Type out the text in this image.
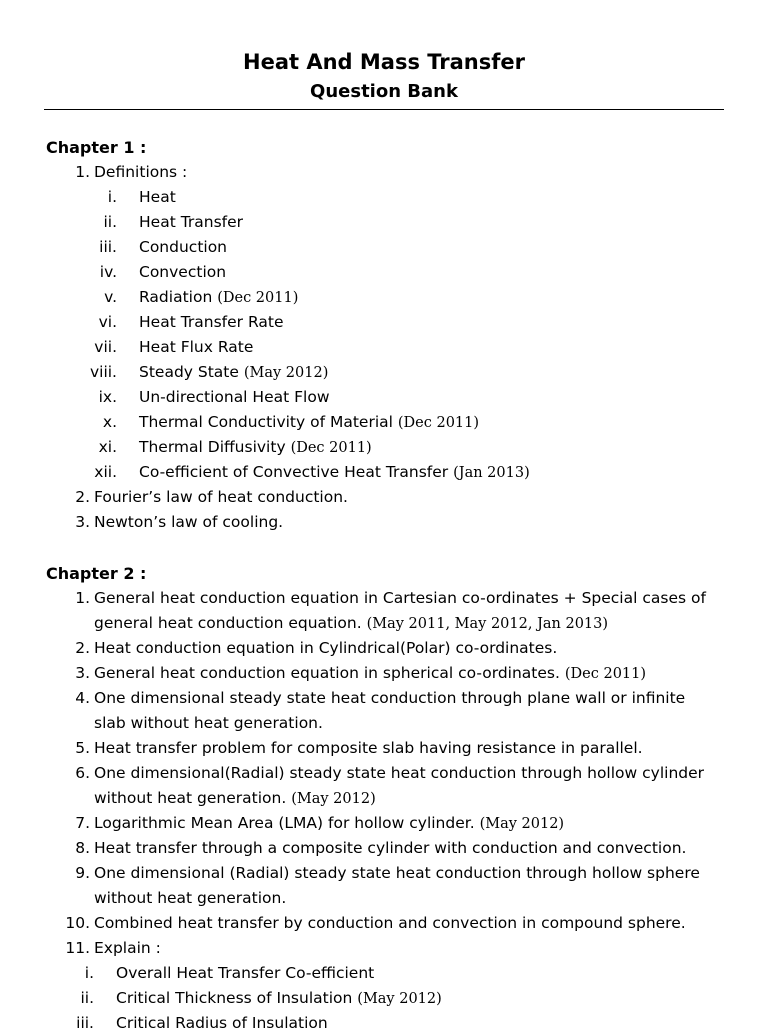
Heat And Mass Transfer
Question Bank
Chapter 1 :
1. Definitions :
i. Heat
ii. Heat Transfer
iii. Conduction
iv. Convection
v. Radiation (Dec 2011)
vi. Heat Transfer Rate
vii. Heat Flux Rate
viii. Steady State (May 2012)
ix. Un-directional Heat Flow
x. Thermal Conductivity of Material (Dec 2011)
xi. Thermal Diffusivity (Dec 2011)
xii. Co-efficient of Convective Heat Transfer (Jan 2013)
2. Fourier’s law of heat conduction.
3. Newton’s law of cooling.
Chapter 2 :
1. General heat conduction equation in Cartesian co-ordinates + Special cases of
general heat conduction equation. (May 2011, May 2012, Jan 2013)
2. Heat conduction equation in Cylindrical(Polar) co-ordinates.
3. General heat conduction equation in spherical co-ordinates. (Dec 2011)
4. One dimensional steady state heat conduction through plane wall or infinite
slab without heat generation.
5. Heat transfer problem for composite slab having resistance in parallel.
6. One dimensional(Radial) steady state heat conduction through hollow cylinder
without heat generation. (May 2012)
7. Logarithmic Mean Area (LMA) for hollow cylinder. (May 2012)
8. Heat transfer through a composite cylinder with conduction and convection.
9. One dimensional (Radial) steady state heat conduction through hollow sphere
without heat generation.
10. Combined heat transfer by conduction and convection in compound sphere.
11. Explain :
i. Overall Heat Transfer Co-efficient
ii. Critical Thickness of Insulation (May 2012)
iii. Critical Radius of Insulation
